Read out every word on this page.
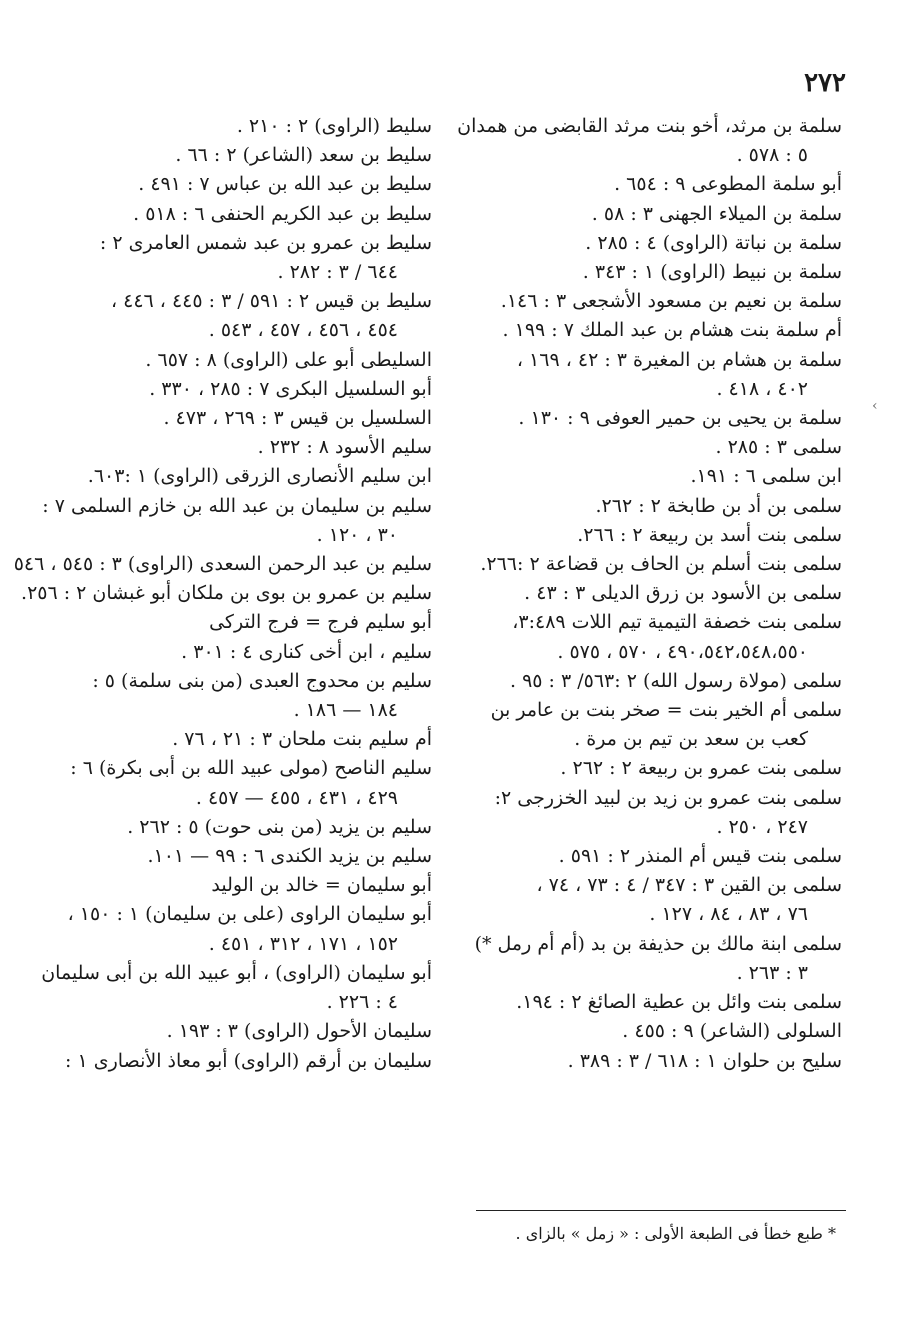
٢٧٢
سلمة بن مرثد، أخو بنت مرثد القابضى من همدان
٥ : ٥٧٨ .
أبو سلمة المطوعى ٩ : ٦٥٤ .
سلمة بن الميلاء الجهنى ٣ : ٥٨ .
سلمة بن نباتة (الراوى) ٤ : ٢٨٥ .
سلمة بن نبيط (الراوى) ١ : ٣٤٣ .
سلمة بن نعيم بن مسعود الأشجعى ٣ : ١٤٦.
أم سلمة بنت هشام بن عبد الملك ٧ : ١٩٩ .
سلمة بن هشام بن المغيرة ٣ : ٤٢ ، ١٦٩ ،
٤٠٢ ، ٤١٨ .
سلمة بن يحيى بن حمير العوفى ٩ : ١٣٠ .
سلمى ٣ : ٢٨٥ .
ابن سلمى ٦ : ١٩١.
سلمى بن أد بن طابخة ٢ : ٢٦٢.
سلمى بنت أسد بن ربيعة ٢ : ٢٦٦.
سلمى بنت أسلم بن الحاف بن قضاعة ٢ :٢٦٦.
سلمى بن الأسود بن زرق الديلى ٣ : ٤٣ .
سلمى بنت خصفة التيمية تيم اللات ٣:٤٨٩،
٤٩٠،٥٤٢،٥٤٨،٥٥٠ ، ٥٧٠ ، ٥٧٥ .
سلمى (مولاة رسول الله) ٢ :٥٦٣/ ٣ : ٩٥ .
سلمى أم الخير بنت = صخر بنت بن عامر بن
كعب بن سعد بن تيم بن مرة .
سلمى بنت عمرو بن ربيعة ٢ : ٢٦٢ .
سلمى بنت عمرو بن زيد بن لبيد الخزرجى ٢:
٢٤٧ ، ٢٥٠ .
سلمى بنت قيس أم المنذر ٢ : ٥٩١ .
سلمى بن القين ٣ : ٣٤٧ / ٤ : ٧٣ ، ٧٤ ،
٧٦ ، ٨٣ ، ٨٤ ، ١٢٧ .
سلمى ابنة مالك بن حذيفة بن بد (أم أم رمل *)
٣ : ٢٦٣ .
سلمى بنت وائل بن عطية الصائغ ٢ : ١٩٤.
السلولى (الشاعر) ٩ : ٤٥٥ .
سليح بن حلوان ١ : ٦١٨ / ٣ : ٣٨٩ .
سليط (الراوى) ٢ : ٢١٠ .
سليط بن سعد (الشاعر) ٢ : ٦٦ .
سليط بن عبد الله بن عباس ٧ : ٤٩١ .
سليط بن عبد الكريم الحنفى ٦ : ٥١٨ .
سليط بن عمرو بن عبد شمس العامرى ٢ :
٦٤٤ / ٣ : ٢٨٢ .
سليط بن قيس ٢ : ٥٩١ / ٣ : ٤٤٥ ، ٤٤٦ ،
٤٥٤ ، ٤٥٦ ، ٤٥٧ ، ٥٤٣ .
السليطى أبو على (الراوى) ٨ : ٦٥٧ .
أبو السلسيل البكرى ٧ : ٢٨٥ ، ٣٣٠ .
السلسيل بن قيس ٣ : ٢٦٩ ، ٤٧٣ .
سليم الأسود ٨ : ٢٣٢ .
ابن سليم الأنصارى الزرقى (الراوى) ١ :٦٠٣.
سليم بن سليمان بن عبد الله بن خازم السلمى ٧ :
٣٠ ، ١٢٠ .
سليم بن عبد الرحمن السعدى (الراوى) ٣ : ٥٤٥ ، ٥٤٦
سليم بن عمرو بن بوى بن ملكان أبو غبشان ٢ : ٢٥٦.
أبو سليم فرج = فرج التركى
سليم ، ابن أخى كنارى ٤ : ٣٠١ .
سليم بن محدوج العبدى (من بنى سلمة) ٥ :
١٨٤ — ١٨٦ .
أم سليم بنت ملحان ٣ : ٢١ ، ٧٦ .
سليم الناصح (مولى عبيد الله بن أبى بكرة) ٦ :
٤٢٩ ، ٤٣١ ، ٤٥٥ — ٤٥٧ .
سليم بن يزيد (من بنى حوت) ٥ : ٢٦٢ .
سليم بن يزيد الكندى ٦ : ٩٩ — ١٠١.
أبو سليمان = خالد بن الوليد
أبو سليمان الراوى (على بن سليمان) ١ : ١٥٠ ،
١٥٢ ، ١٧١ ، ٣١٢ ، ٤٥١ .
أبو سليمان (الراوى) ، أبو عبيد الله بن أبى سليمان
٤ : ٢٢٦ .
سليمان الأحول (الراوى) ٣ : ١٩٣ .
سليمان بن أرقم (الراوى) أبو معاذ الأنصارى ١ :
‹
* طبع خطأ فى الطبعة الأولى : « زمل » بالزاى .
